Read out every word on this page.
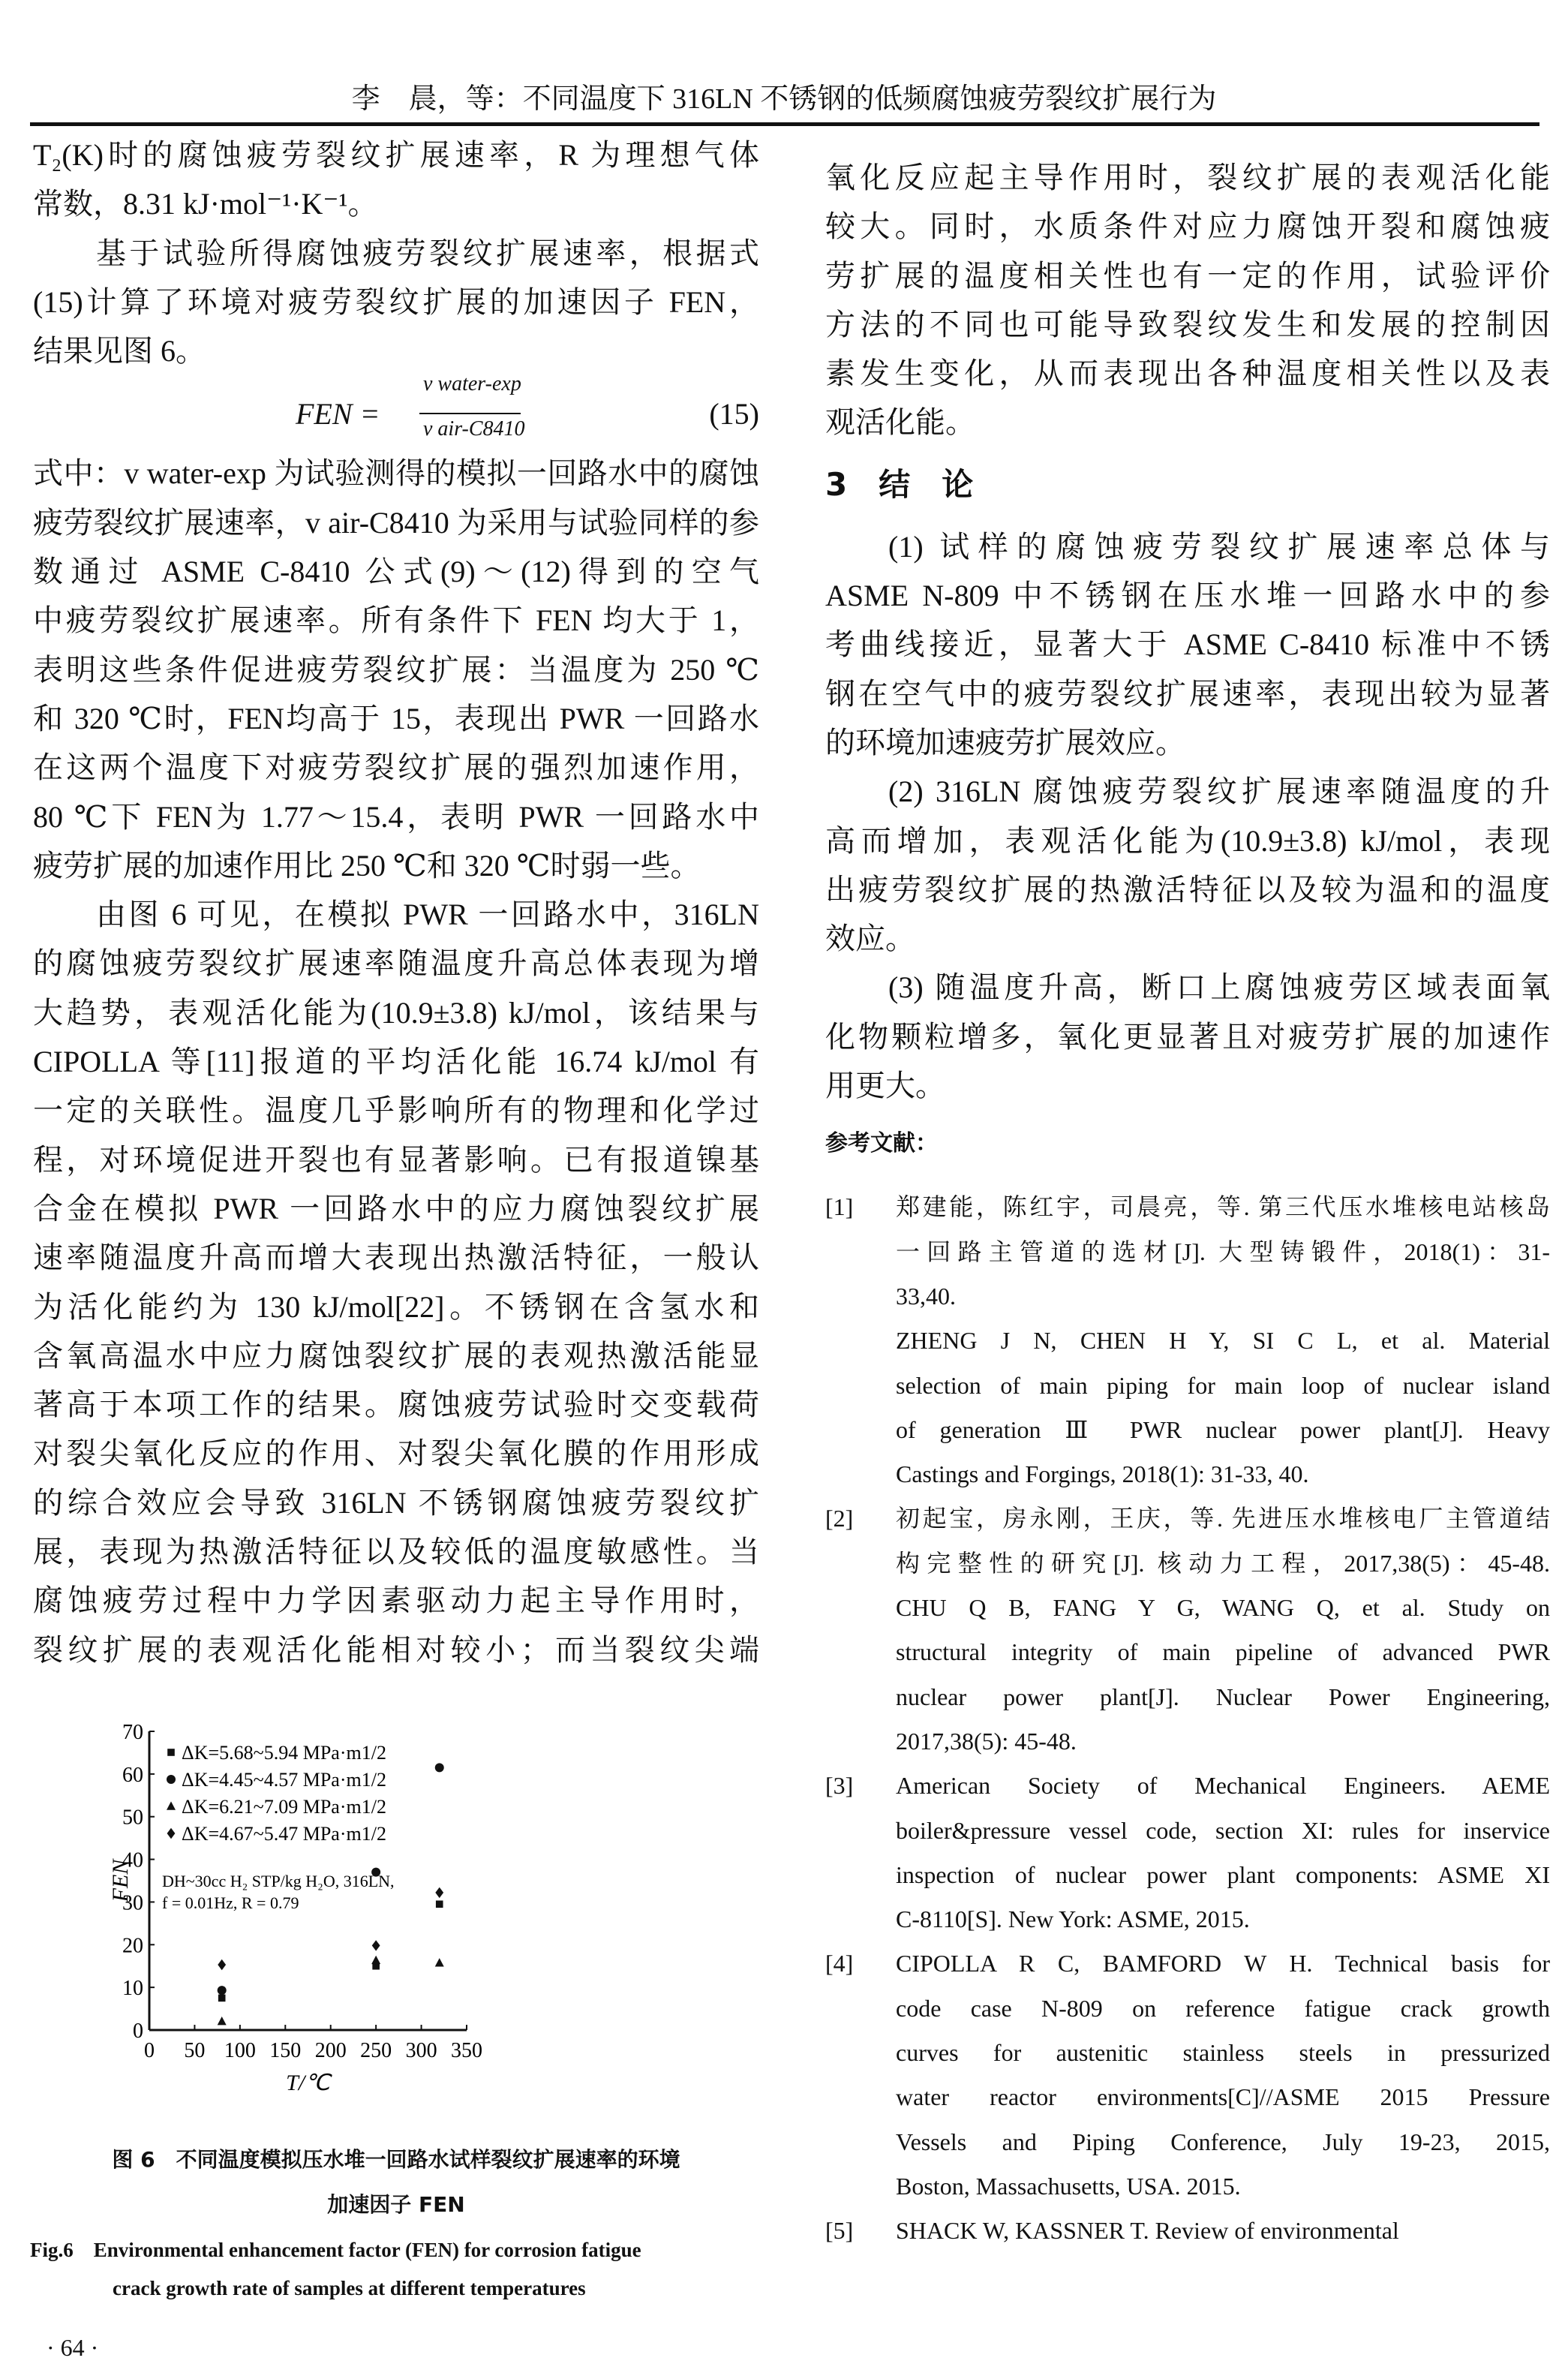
李　晨，等：不同温度下 316LN 不锈钢的低频腐蚀疲劳裂纹扩展行为
T₂(K)时的腐蚀疲劳裂纹扩展速率，R 为理想气体
常数，8.31 kJ·mol⁻¹·K⁻¹。
基于试验所得腐蚀疲劳裂纹扩展速率，根据式
(15)计算了环境对疲劳裂纹扩展的加速因子 FEN，
结果见图 6。
FEN =
v water-exp
v air-C8410	(15)
式中：v water-exp 为试验测得的模拟一回路水中的腐蚀
疲劳裂纹扩展速率，v air-C8410 为采用与试验同样的参
数通过 ASME C-8410 公式(9)～(12)得到的空气
中疲劳裂纹扩展速率。所有条件下 FEN 均大于 1，
表明这些条件促进疲劳裂纹扩展：当温度为 250 ℃
和 320 ℃时，FEN均高于 15，表现出 PWR 一回路水
在这两个温度下对疲劳裂纹扩展的强烈加速作用，
80 ℃下 FEN为 1.77～15.4，表明 PWR 一回路水中
疲劳扩展的加速作用比 250 ℃和 320 ℃时弱一些。
由图 6 可见，在模拟 PWR 一回路水中，316LN
的腐蚀疲劳裂纹扩展速率随温度升高总体表现为增
大趋势，表观活化能为(10.9±3.8) kJ/mol，该结果与
CIPOLLA 等[11]报道的平均活化能 16.74 kJ/mol 有
一定的关联性。温度几乎影响所有的物理和化学过
程，对环境促进开裂也有显著影响。已有报道镍基
合金在模拟 PWR 一回路水中的应力腐蚀裂纹扩展
速率随温度升高而增大表现出热激活特征，一般认
为活化能约为 130 kJ/mol[22]。不锈钢在含氢水和
含氧高温水中应力腐蚀裂纹扩展的表观热激活能显
著高于本项工作的结果。腐蚀疲劳试验时交变载荷
对裂尖氧化反应的作用、对裂尖氧化膜的作用形成
的综合效应会导致 316LN 不锈钢腐蚀疲劳裂纹扩
展，表现为热激活特征以及较低的温度敏感性。当
腐蚀疲劳过程中力学因素驱动力起主导作用时，
裂纹扩展的表观活化能相对较小；而当裂纹尖端
氧化反应起主导作用时，裂纹扩展的表观活化能
较大。同时，水质条件对应力腐蚀开裂和腐蚀疲
劳扩展的温度相关性也有一定的作用，试验评价
方法的不同也可能导致裂纹发生和发展的控制因
素发生变化，从而表现出各种温度相关性以及表
观活化能。
3　结　论
(1) 试样的腐蚀疲劳裂纹扩展速率总体与
ASME N-809 中不锈钢在压水堆一回路水中的参
考曲线接近，显著大于 ASME C-8410 标准中不锈
钢在空气中的疲劳裂纹扩展速率，表现出较为显著
的环境加速疲劳扩展效应。
(2) 316LN 腐蚀疲劳裂纹扩展速率随温度的升
高而增加，表观活化能为(10.9±3.8) kJ/mol，表现
出疲劳裂纹扩展的热激活特征以及较为温和的温度
效应。
(3) 随温度升高，断口上腐蚀疲劳区域表面氧
化物颗粒增多，氧化更显著且对疲劳扩展的加速作
用更大。
参考文献：
[1]	郑建能，陈红宇，司晨亮，等. 第三代压水堆核电站核岛
一回路主管道的选材[J]. 大型铸锻件，2018(1)：31-
33,40.
ZHENG J N, CHEN H Y, SI C L, et al. Material
selection of main piping for main loop of nuclear island
of generation Ⅲ PWR nuclear power plant[J]. Heavy
Castings and Forgings, 2018(1): 31-33, 40.
[2]	初起宝，房永刚，王庆，等. 先进压水堆核电厂主管道结
构完整性的研究[J]. 核动力工程，2017,38(5)：45-48.
CHU Q B, FANG Y G, WANG Q, et al. Study on
structural integrity of main pipeline of advanced PWR
nuclear power plant[J]. Nuclear Power Engineering,
2017,38(5): 45-48.
[3]	American Society of Mechanical Engineers. AEME
boiler&pressure vessel code, section XI: rules for inservice
inspection of nuclear power plant components: ASME XI
C-8110[S]. New York: ASME, 2015.
[4]	CIPOLLA R C, BAMFORD W H. Technical basis for
code case N-809 on reference fatigue crack growth
curves for austenitic stainless steels in pressurized
water reactor environments[C]//ASME 2015 Pressure
Vessels and Piping Conference, July 19-23, 2015,
Boston, Massachusetts, USA. 2015.
[5]	SHACK W, KASSNER T. Review of environmental
0 50 100 150 200 250 300 350
0
10
20
30
40
50
60
70
T/℃
FEN
ΔK=5.68~5.94 MPa·m1/2
ΔK=4.45~4.57 MPa·m1/2
ΔK=6.21~7.09 MPa·m1/2
ΔK=4.67~5.47 MPa·m1/2
DH~30cc H₂ STP/kg H₂O, 316LN,
f = 0.01Hz, R = 0.79
图 6　不同温度模拟压水堆一回路水试样裂纹扩展速率的环境
加速因子 FEN
Fig.6　Environmental enhancement factor (FEN) for corrosion fatigue
crack growth rate of samples at different temperatures
· 64 ·
